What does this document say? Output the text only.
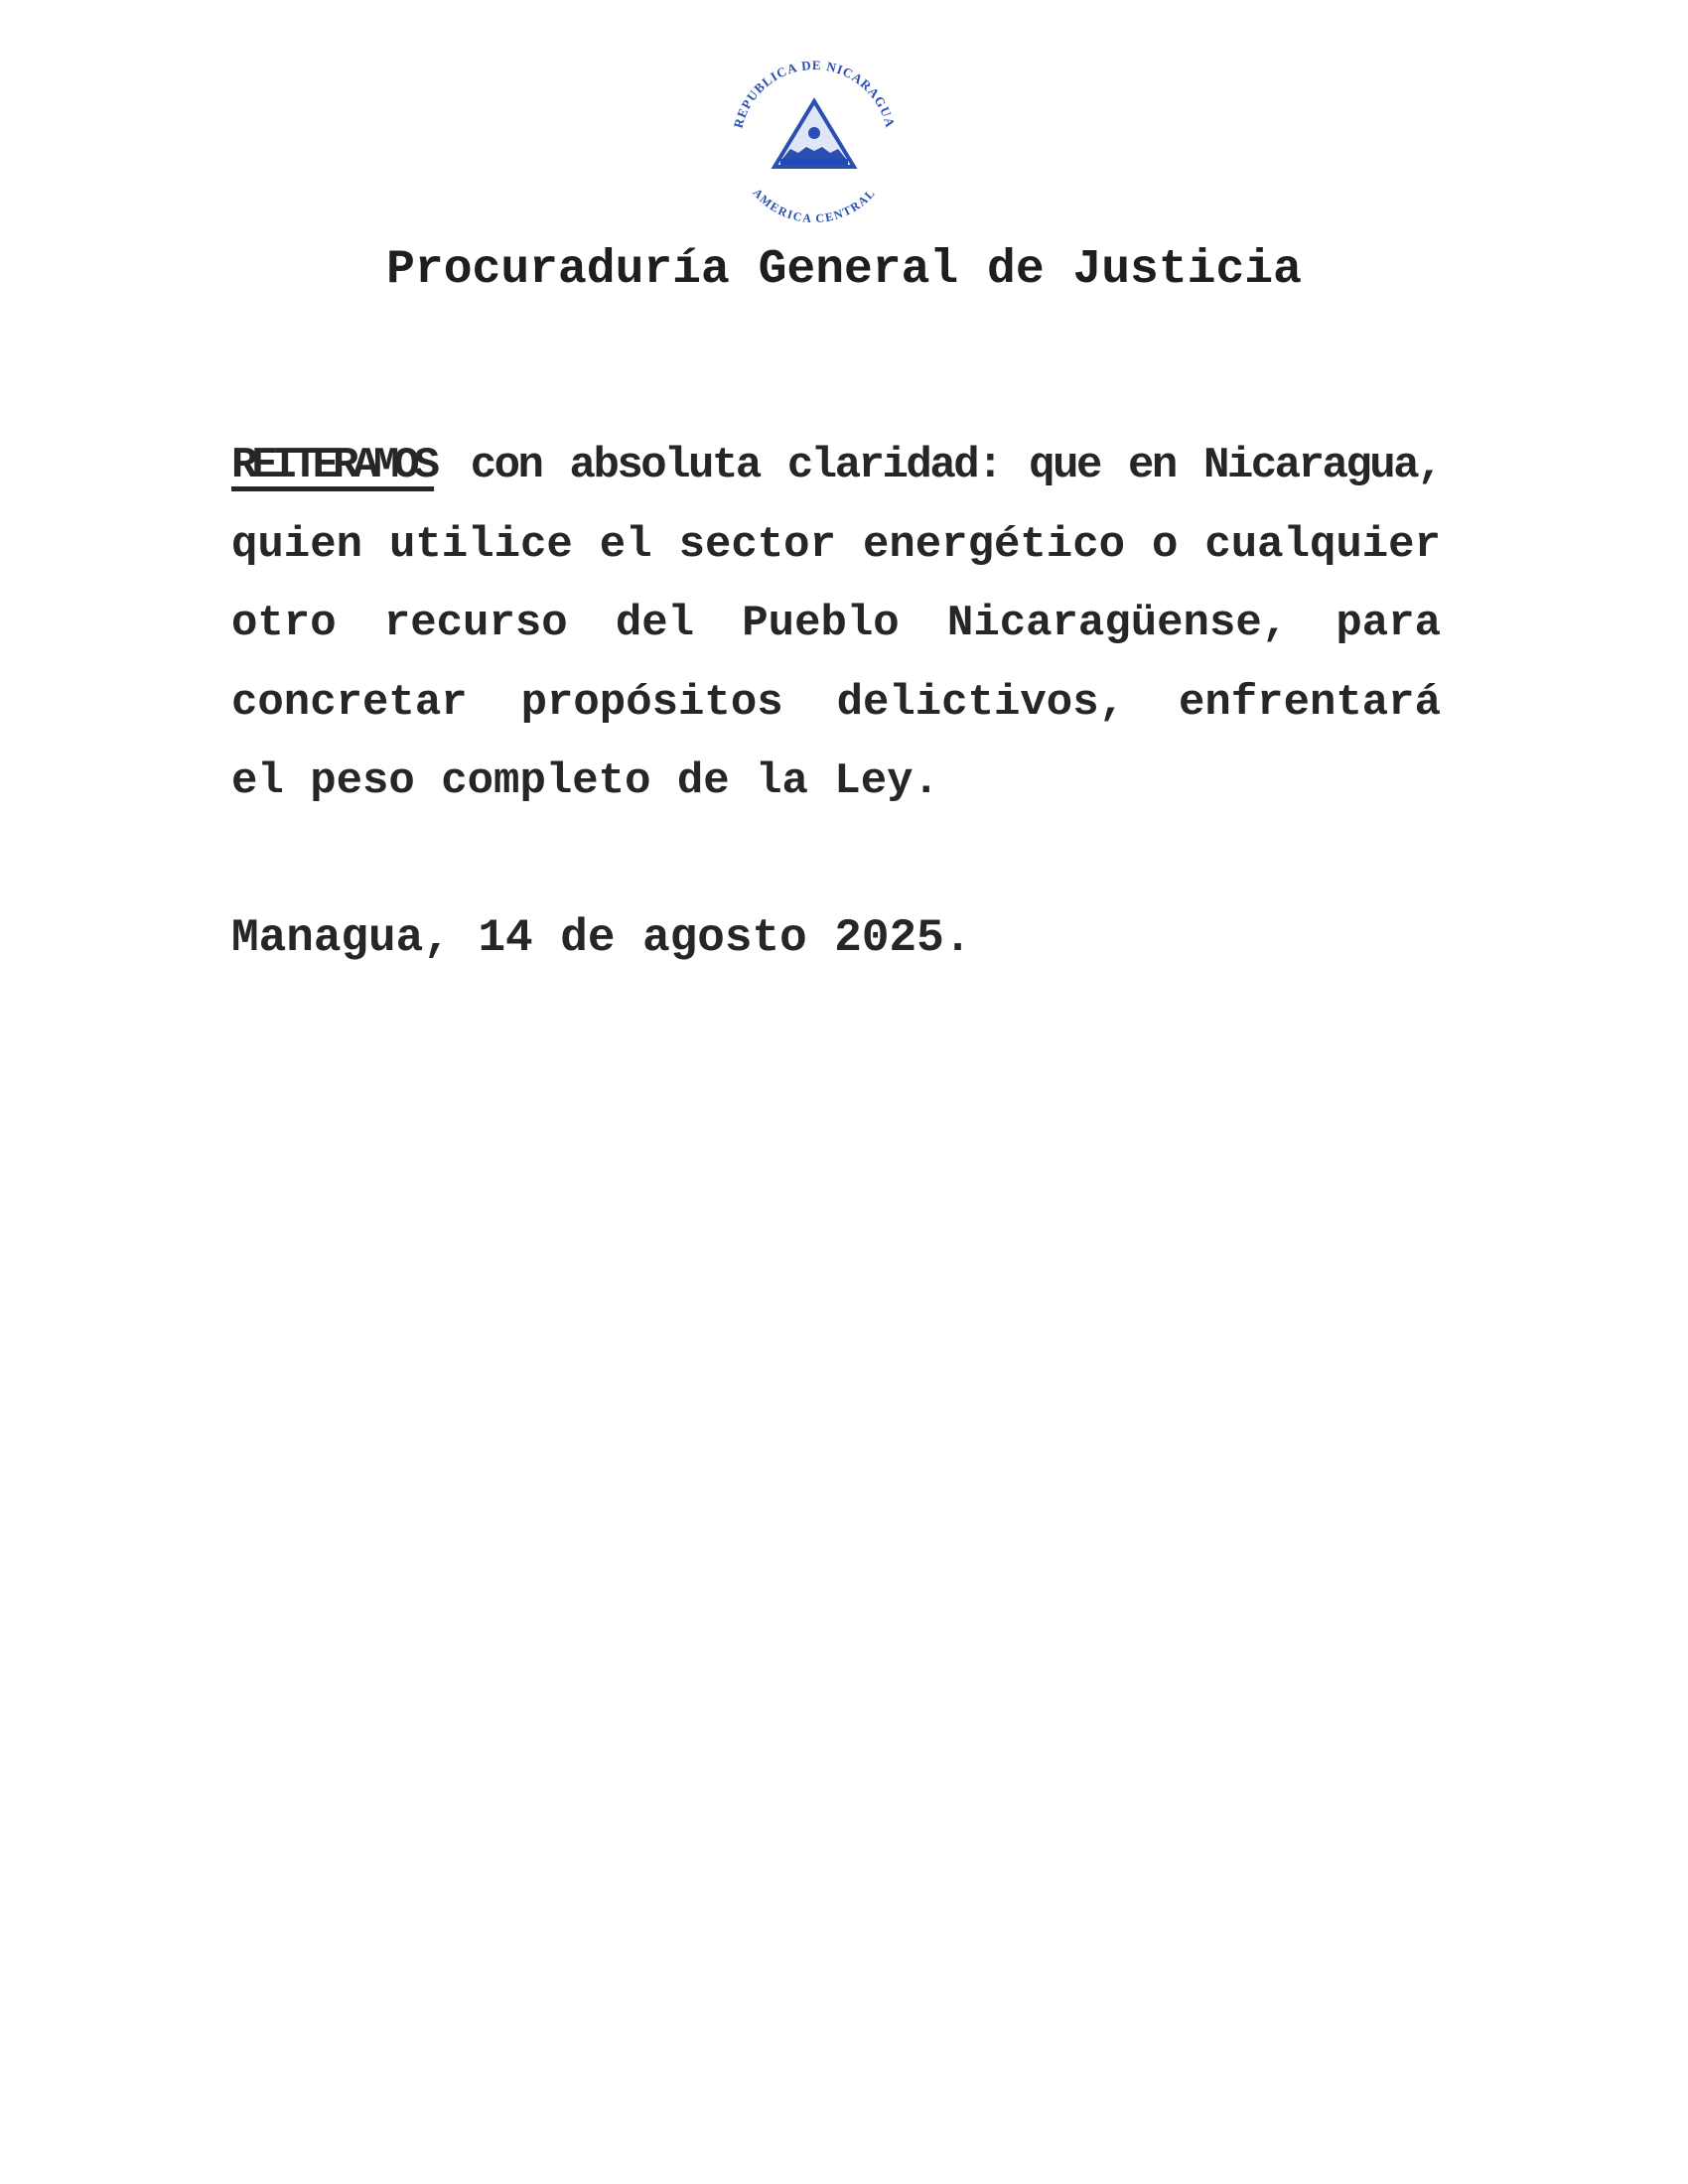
REPUBLICA DE NICARAGUA
AMERICA CENTRAL
Procuraduría General de Justicia
REITERAMOS con absoluta claridad: que en Nicaragua,
quien utilice el sector energético o cualquier
otro recurso del Pueblo Nicaragüense, para
concretar propósitos delictivos, enfrentará
el peso completo de la Ley.
Managua, 14 de agosto 2025.
